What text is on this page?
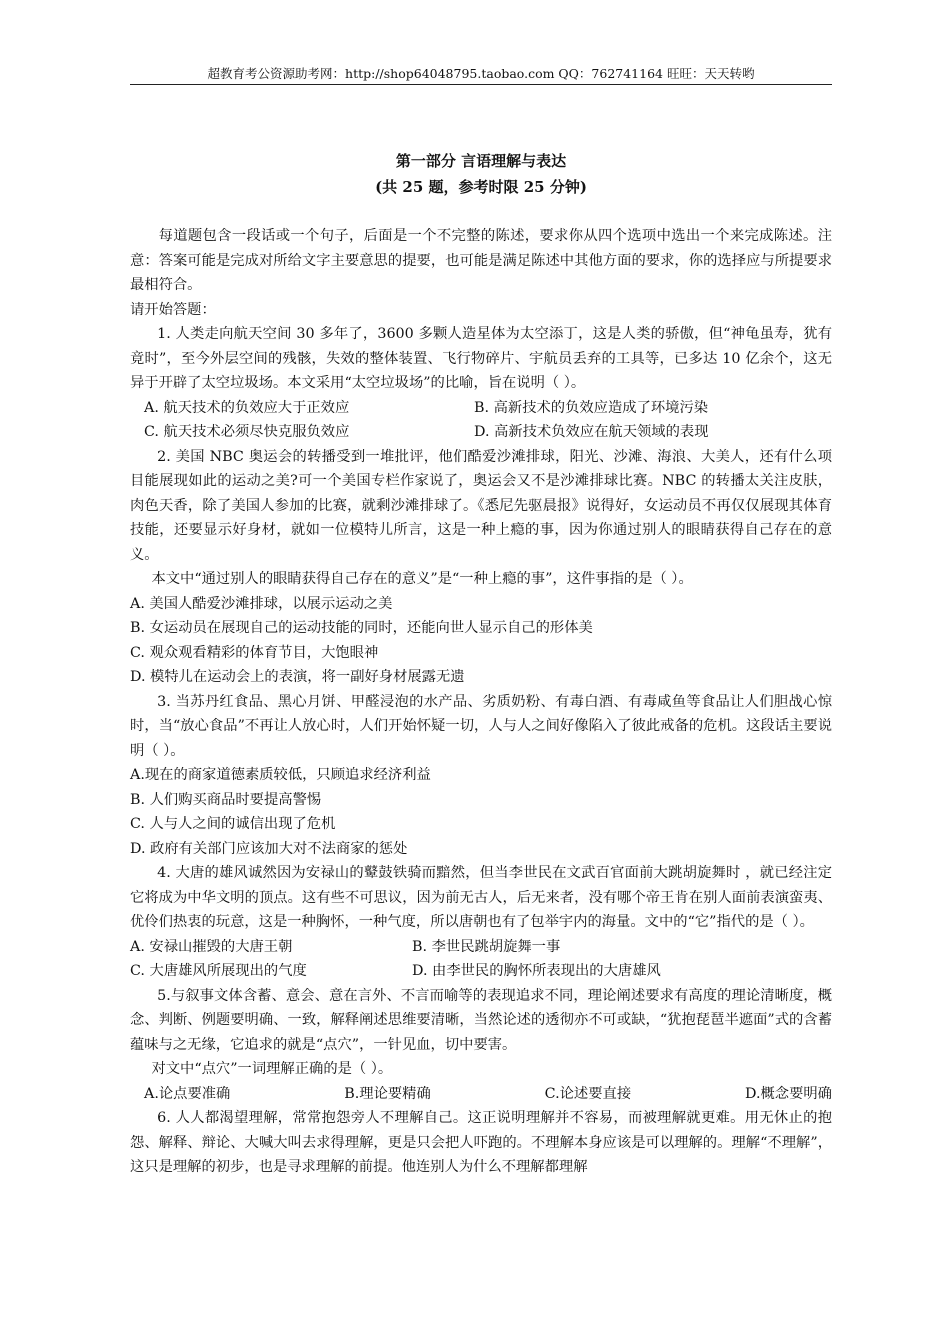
超教育考公资源助考网：http://shop64048795.taobao.com QQ：762741164 旺旺：天天转哟
第一部分 言语理解与表达
(共 25 题，参考时限 25 分钟)

每道题包含一段话或一个句子，后面是一个不完整的陈述，要求你从四个选项中选出一个来完成陈述。注意：答案可能是完成对所给文字主要意思的提要，也可能是满足陈述中其他方面的要求，你的选择应与所提要求最相符合。

请开始答题：

1. 人类走向航天空间 30 多年了，3600 多颗人造星体为太空添丁，这是人类的骄傲，但“神龟虽寿，犹有竟时”，至今外层空间的残骸，失效的整体装置、飞行物碎片、宇航员丢弃的工具等，已多达 10 亿余个，这无异于开辟了太空垃圾场。本文采用“太空垃圾场”的比喻，旨在说明（ ）。

A. 航天技术的负效应大于正效应	B. 高新技术的负效应造成了环境污染
C. 航天技术必须尽快克服负效应	D. 高新技术负效应在航天领域的表现

2. 美国 NBC 奥运会的转播受到一堆批评，他们酷爱沙滩排球，阳光、沙滩、海浪、大美人，还有什么项目能展现如此的运动之美?可一个美国专栏作家说了，奥运会又不是沙滩排球比赛。NBC 的转播太关注皮肤，肉色天香，除了美国人参加的比赛，就剩沙滩排球了。《悉尼先驱晨报》说得好，女运动员不再仅仅展现其体育技能，还要显示好身材，就如一位模特儿所言，这是一种上瘾的事，因为你通过别人的眼睛获得自己存在的意义。

本文中“通过别人的眼睛获得自己存在的意义”是“一种上瘾的事”，这件事指的是（ ）。

A. 美国人酷爱沙滩排球，以展示运动之美

B. 女运动员在展现自己的运动技能的同时，还能向世人显示自己的形体美

C. 观众观看精彩的体育节目，大饱眼神

D. 模特儿在运动会上的表演，将一副好身材展露无遗

3. 当苏丹红食品、黑心月饼、甲醛浸泡的水产品、劣质奶粉、有毒白酒、有毒咸鱼等食品让人们胆战心惊时，当“放心食品”不再让人放心时，人们开始怀疑一切，人与人之间好像陷入了彼此戒备的危机。这段话主要说明（ ）。

A.现在的商家道德素质较低，只顾追求经济利益

B. 人们购买商品时要提高警惕

C. 人与人之间的诚信出现了危机

D. 政府有关部门应该加大对不法商家的惩处

4. 大唐的雄风诚然因为安禄山的鼙鼓铁骑而黯然，但当李世民在文武百官面前大跳胡旋舞时 ，就已经注定它将成为中华文明的顶点。这有些不可思议，因为前无古人，后无来者，没有哪个帝王肯在别人面前表演蛮夷、优伶们热衷的玩意，这是一种胸怀，一种气度，所以唐朝也有了包举宇内的海量。文中的“它”指代的是（ ）。

A. 安禄山摧毁的大唐王朝	B. 李世民跳胡旋舞一事
C. 大唐雄风所展现出的气度	D. 由李世民的胸怀所表现出的大唐雄风

5.与叙事文体含蓄、意会、意在言外、不言而喻等的表现追求不同，理论阐述要求有高度的理论清晰度，概念、判断、例题要明确、一致，解释阐述思维要清晰，当然论述的透彻亦不可或缺，“犹抱琵琶半遮面”式的含蓄蕴味与之无缘，它追求的就是“点穴”，一针见血，切中要害。

对文中“点穴”一词理解正确的是（ ）。

A.论点要准确	B.理论要精确	C.论述要直接	D.概念要明确

6. 人人都渴望理解，常常抱怨旁人不理解自己。这正说明理解并不容易，而被理解就更难。用无休止的抱怨、解释、辩论、大喊大叫去求得理解，更是只会把人吓跑的。不理解本身应该是可以理解的。理解“不理解”，这只是理解的初步，也是寻求理解的前提。他连别人为什么不理解都理解
